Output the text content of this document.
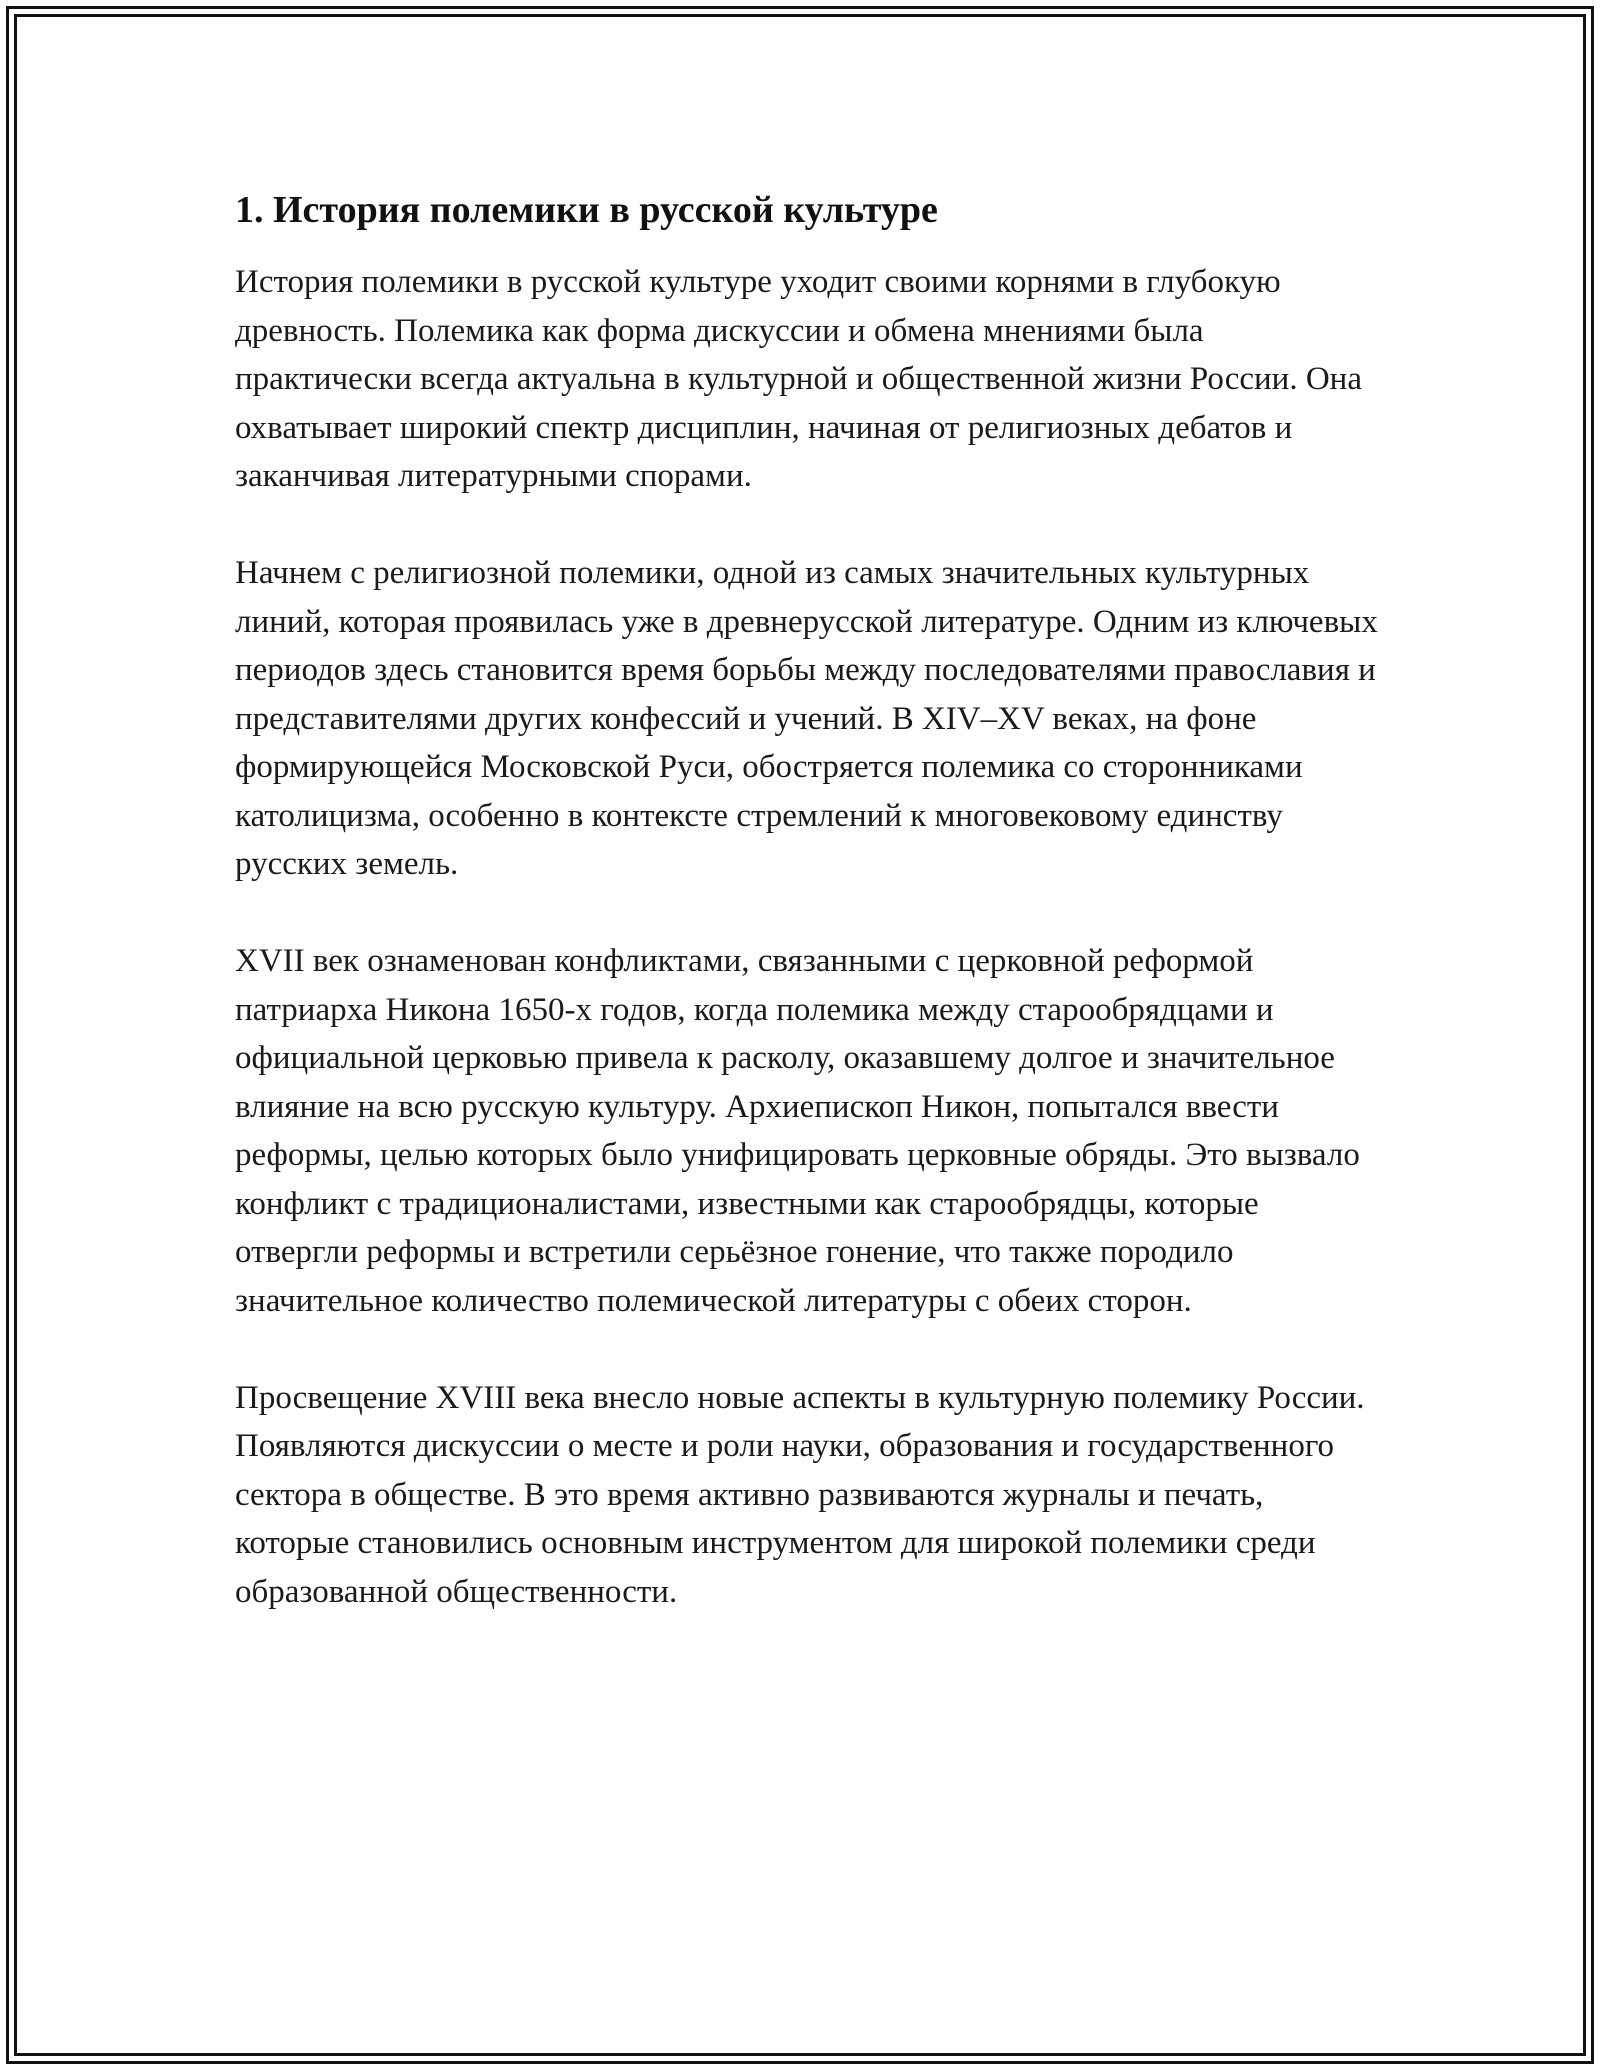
1. История полемики в русской культуре

История полемики в русской культуре уходит своими корнями в глубокую древность. Полемика как форма дискуссии и обмена мнениями была практически всегда актуальна в культурной и общественной жизни России. Она охватывает широкий спектр дисциплин, начиная от религиозных дебатов и заканчивая литературными спорами.

Начнем с религиозной полемики, одной из самых значительных культурных линий, которая проявилась уже в древнерусской литературе. Одним из ключевых периодов здесь становится время борьбы между последователями православия и представителями других конфессий и учений. В XIV–XV веках, на фоне формирующейся Московской Руси, обостряется полемика со сторонниками католицизма, особенно в контексте стремлений к многовековому единству русских земель.

XVII век ознаменован конфликтами, связанными с церковной реформой патриарха Никона 1650-х годов, когда полемика между старообрядцами и официальной церковью привела к расколу, оказавшему долгое и значительное влияние на всю русскую культуру. Архиепископ Никон, попытался ввести реформы, целью которых было унифицировать церковные обряды. Это вызвало конфликт с традиционалистами, известными как старообрядцы, которые отвергли реформы и встретили серьёзное гонение, что также породило значительное количество полемической литературы с обеих сторон.

Просвещение XVIII века внесло новые аспекты в культурную полемику России. Появляются дискуссии о месте и роли науки, образования и государственного сектора в обществе. В это время активно развиваются журналы и печать, которые становились основным инструментом для широкой полемики среди образованной общественности.
